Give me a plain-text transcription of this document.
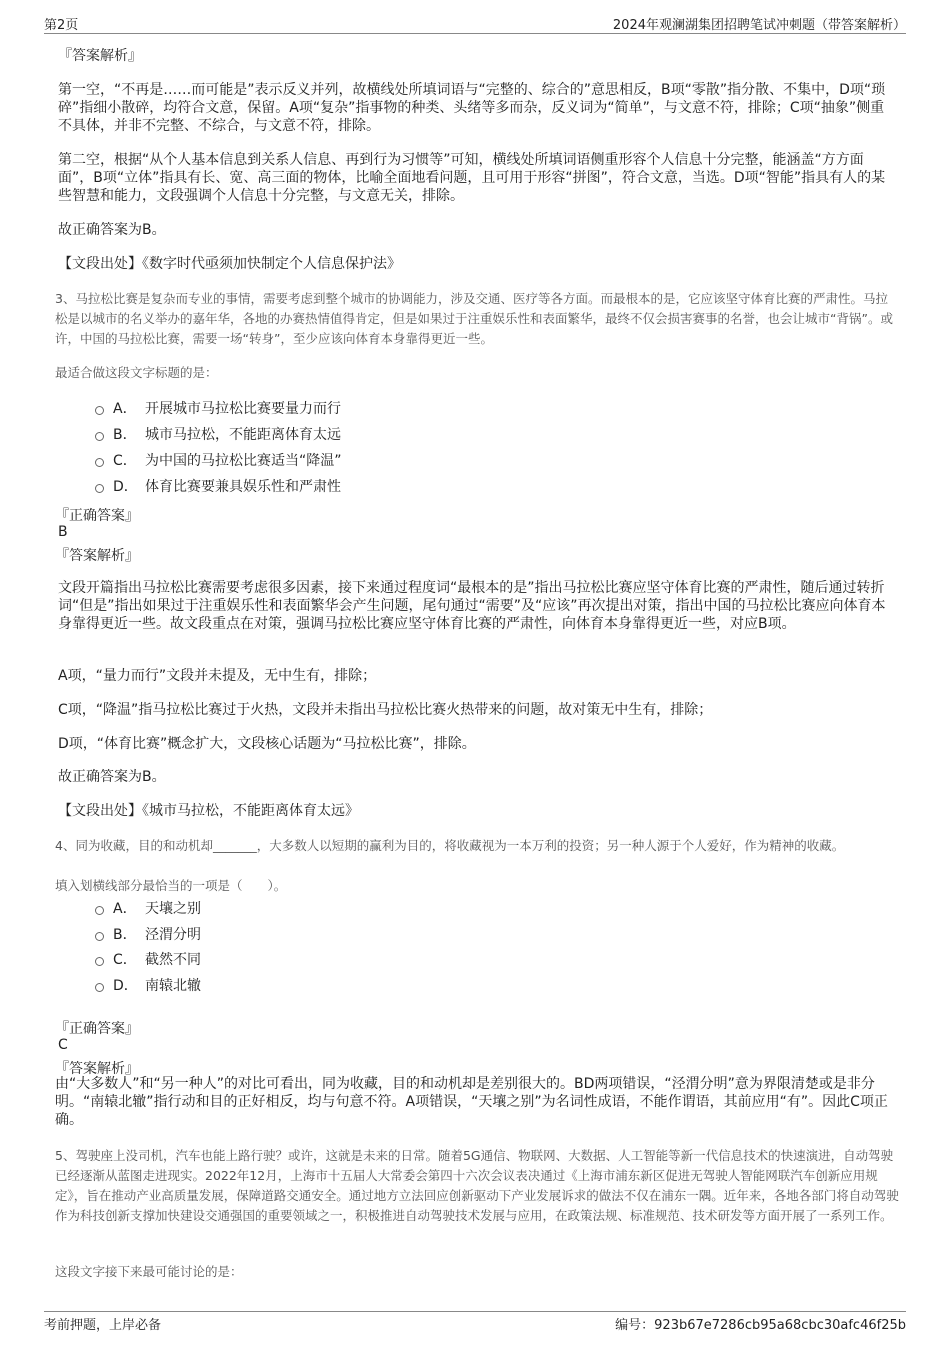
第2页	2024年观澜湖集团招聘笔试冲刺题（带答案解析）
『答案解析』
第一空，“不再是……而可能是”表示反义并列，故横线处所填词语与“完整的、综合的”意思相反，B项“零散”指分散、不集中，D项“琐碎”指细小散碎，均符合文意，保留。A项“复杂”指事物的种类、头绪等多而杂，反义词为“简单”，与文意不符，排除；C项“抽象”侧重不具体，并非不完整、不综合，与文意不符，排除。
第二空，根据“从个人基本信息到关系人信息、再到行为习惯等”可知，横线处所填词语侧重形容个人信息十分完整，能涵盖“方方面面”，B项“立体”指具有长、宽、高三面的物体，比喻全面地看问题，且可用于形容“拼图”，符合文意，当选。D项“智能”指具有人的某些智慧和能力，文段强调个人信息十分完整，与文意无关，排除。
故正确答案为B。
【文段出处】《数字时代亟须加快制定个人信息保护法》
3、马拉松比赛是复杂而专业的事情，需要考虑到整个城市的协调能力，涉及交通、医疗等各方面。而最根本的是，它应该坚守体育比赛的严肃性。马拉松是以城市的名义举办的嘉年华，各地的办赛热情值得肯定，但是如果过于注重娱乐性和表面繁华，最终不仅会损害赛事的名誉，也会让城市“背锅”。或许，中国的马拉松比赛，需要一场“转身”，至少应该向体育本身靠得更近一些。
最适合做这段文字标题的是：
A． 开展城市马拉松比赛要量力而行
B． 城市马拉松，不能距离体育太远
C． 为中国的马拉松比赛适当“降温”
D． 体育比赛要兼具娱乐性和严肃性
『正确答案』
B
『答案解析』
文段开篇指出马拉松比赛需要考虑很多因素，接下来通过程度词“最根本的是”指出马拉松比赛应坚守体育比赛的严肃性，随后通过转折词“但是”指出如果过于注重娱乐性和表面繁华会产生问题，尾句通过“需要”及“应该”再次提出对策，指出中国的马拉松比赛应向体育本身靠得更近一些。故文段重点在对策，强调马拉松比赛应坚守体育比赛的严肃性，向体育本身靠得更近一些，对应B项。
A项，“量力而行”文段并未提及，无中生有，排除；
C项，“降温”指马拉松比赛过于火热，文段并未指出马拉松比赛火热带来的问题，故对策无中生有，排除；
D项，“体育比赛”概念扩大，文段核心话题为“马拉松比赛”，排除。
故正确答案为B。
【文段出处】《城市马拉松，不能距离体育太远》
4、同为收藏，目的和动机却_______，大多数人以短期的赢利为目的，将收藏视为一本万利的投资；另一种人源于个人爱好，作为精神的收藏。
填入划横线部分最恰当的一项是（　　）。
A． 天壤之别
B． 泾渭分明
C． 截然不同
D． 南辕北辙
『正确答案』
C
『答案解析』
由“大多数人”和“另一种人”的对比可看出，同为收藏，目的和动机却是差别很大的。BD两项错误，“泾渭分明”意为界限清楚或是非分明。“南辕北辙”指行动和目的正好相反，均与句意不符。A项错误，“天壤之别”为名词性成语，不能作谓语，其前应用“有”。因此C项正确。
5、驾驶座上没司机，汽车也能上路行驶？或许，这就是未来的日常。随着5G通信、物联网、大数据、人工智能等新一代信息技术的快速演进，自动驾驶已经逐渐从蓝图走进现实。2022年12月，上海市十五届人大常委会第四十六次会议表决通过《上海市浦东新区促进无驾驶人智能网联汽车创新应用规定》，旨在推动产业高质量发展，保障道路交通安全。通过地方立法回应创新驱动下产业发展诉求的做法不仅在浦东一隅。近年来，各地各部门将自动驾驶作为科技创新支撑加快建设交通强国的重要领域之一，积极推进自动驾驶技术发展与应用，在政策法规、标准规范、技术研发等方面开展了一系列工作。
这段文字接下来最可能讨论的是：
考前押题，上岸必备	编号：923b67e7286cb95a68cbc30afc46f25b
